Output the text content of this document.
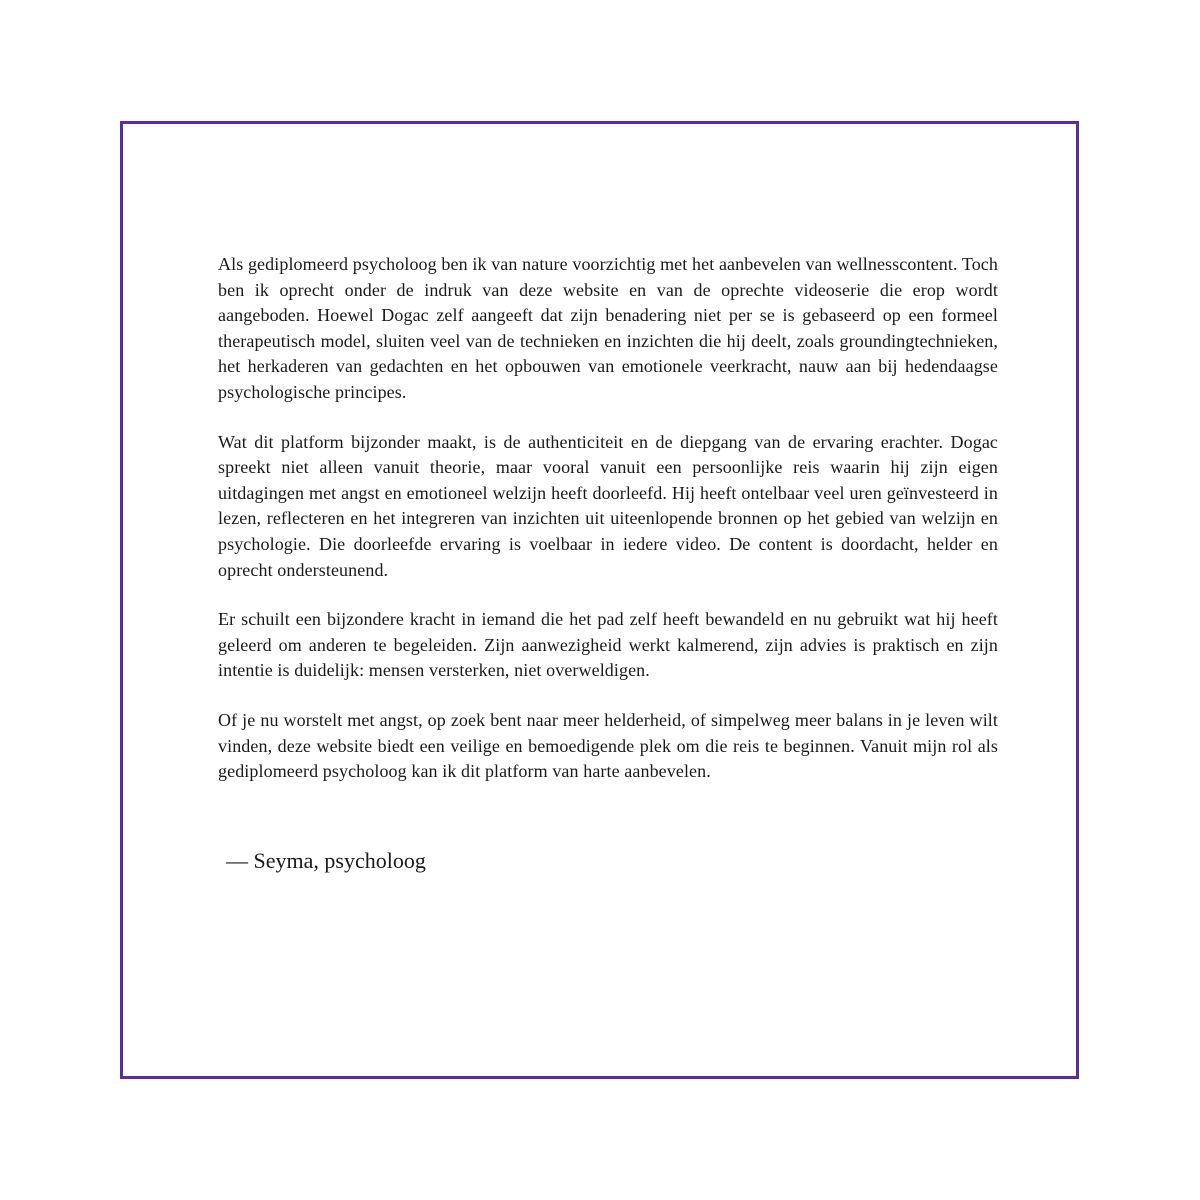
Als gediplomeerd psycholoog ben ik van nature voorzichtig met het aanbevelen van wellnesscontent. Toch ben ik oprecht onder de indruk van deze website en van de oprechte videoserie die erop wordt aangeboden. Hoewel Dogac zelf aangeeft dat zijn benadering niet per se is gebaseerd op een formeel therapeutisch model, sluiten veel van de technieken en inzichten die hij deelt, zoals groundingtechnieken, het herkaderen van gedachten en het opbouwen van emotionele veerkracht, nauw aan bij hedendaagse psychologische principes.

Wat dit platform bijzonder maakt, is de authenticiteit en de diepgang van de ervaring erachter. Dogac spreekt niet alleen vanuit theorie, maar vooral vanuit een persoonlijke reis waarin hij zijn eigen uitdagingen met angst en emotioneel welzijn heeft doorleefd. Hij heeft ontelbaar veel uren geïnvesteerd in lezen, reflecteren en het integreren van inzichten uit uiteenlopende bronnen op het gebied van welzijn en psychologie. Die doorleefde ervaring is voelbaar in iedere video. De content is doordacht, helder en oprecht ondersteunend.

Er schuilt een bijzondere kracht in iemand die het pad zelf heeft bewandeld en nu gebruikt wat hij heeft geleerd om anderen te begeleiden. Zijn aanwezigheid werkt kalmerend, zijn advies is praktisch en zijn intentie is duidelijk: mensen versterken, niet overweldigen.

Of je nu worstelt met angst, op zoek bent naar meer helderheid, of simpelweg meer balans in je leven wilt vinden, deze website biedt een veilige en bemoedigende plek om die reis te beginnen. Vanuit mijn rol als gediplomeerd psycholoog kan ik dit platform van harte aanbevelen.

— Seyma, psycholoog
